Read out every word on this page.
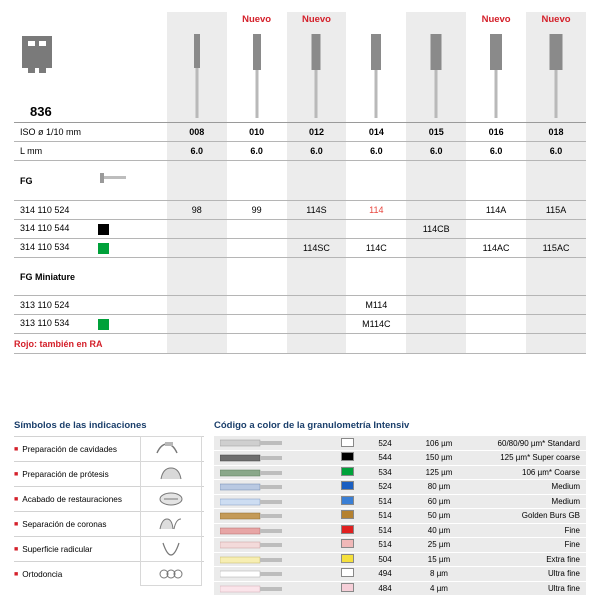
836		Nuevo	Nuevo			Nuevo	Nuevo

ISO ø 1/10 mm	008	010	012	014	015	016	018
L mm	6.0	6.0	6.0	6.0	6.0	6.0	6.0
FG

314 110 524	98	99	114S	114		114A	115A
314 110 544					114CB		
314 110 534			114SC	114C		114AC	115AC
FG Miniature							
313 110 524				M114			
313 110 534				M114C			
Rojo: también en RA							

Símbolos de las indicaciones
■ Preparación de cavidades
■ Preparación de prótesis
■ Acabado de restauraciones
■ Separación de coronas
■ Superficie radicular
■ Ortodoncia
Código a color de la granulometría Intensiv
		524	106 µm	60/80/90 µm* Standard

		544	150 µm	125 µm* Super coarse

		534	125 µm	106 µm* Coarse

		524	80 µm	Medium

		514	60 µm	Medium

		514	50 µm	Golden Burs GB

		514	40 µm	Fine

		514	25 µm	Fine

		504	15 µm	Extra fine

		494	8 µm	Ultra fine

		484	4 µm	Ultra fine
